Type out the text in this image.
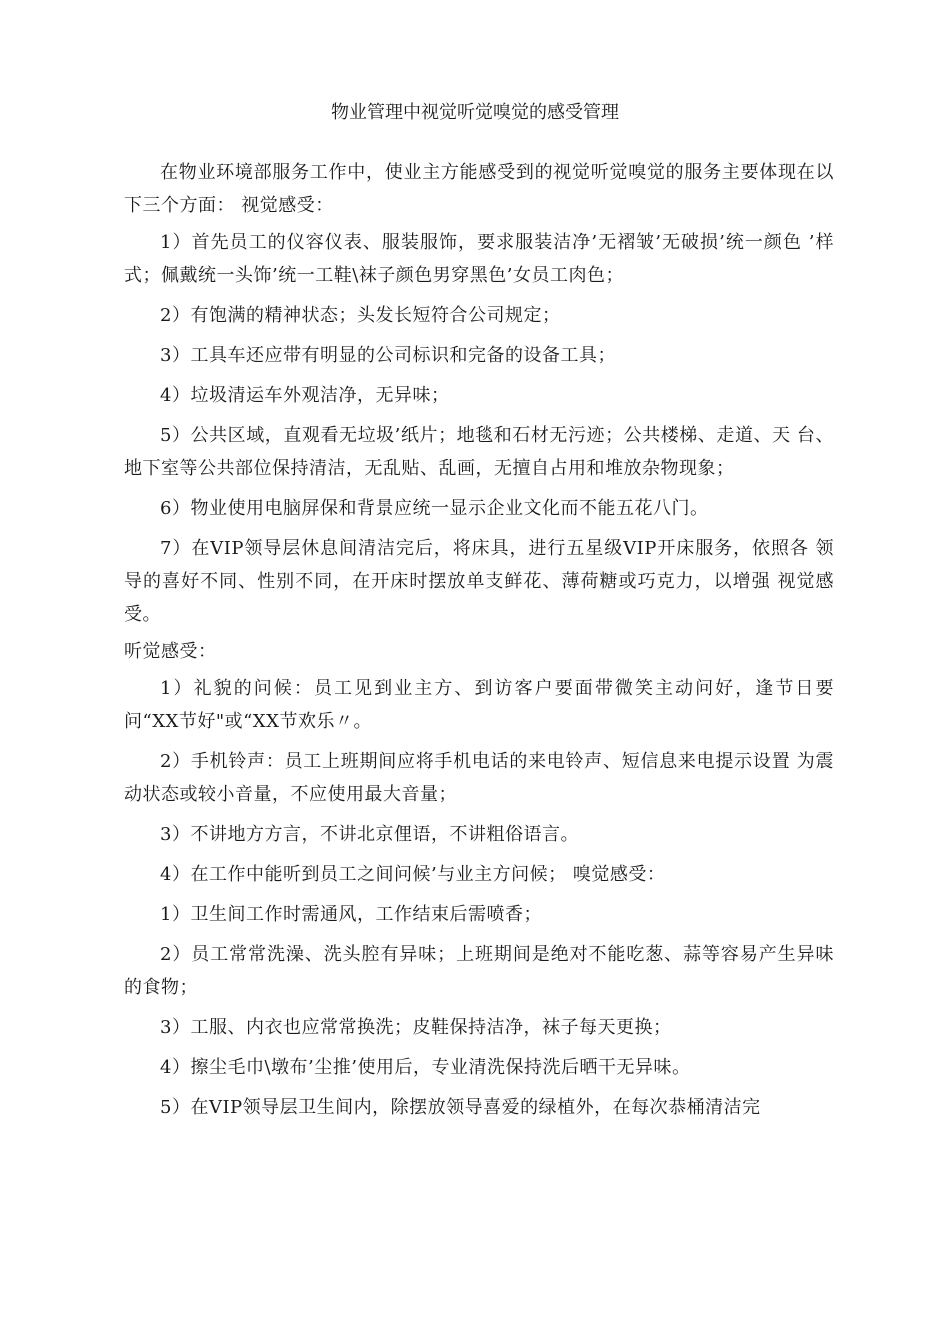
物业管理中视觉听觉嗅觉的感受管理

在物业环境部服务工作中，使业主方能感受到的视觉听觉嗅觉的服务主要体现在以下三个方面： 视觉感受：

1）首先员工的仪容仪表、服装服饰，要求服装洁净’无褶皱’无破损’统一颜色 ’样式；佩戴统一头饰’统一工鞋\袜子颜色男穿黑色’女员工肉色；

2）有饱满的精神状态；头发长短符合公司规定；

3）工具车还应带有明显的公司标识和完备的设备工具；

4）垃圾清运车外观洁净，无异味；

5）公共区域，直观看无垃圾’纸片；地毯和石材无污迹；公共楼梯、走道、天 台、地下室等公共部位保持清洁，无乱贴、乱画，无擅自占用和堆放杂物现象；

6）物业使用电脑屏保和背景应统一显示企业文化而不能五花八门。

7）在VIP领导层休息间清洁完后，将床具，进行五星级VIP开床服务，依照各 领导的喜好不同、性别不同，在开床时摆放单支鲜花、薄荷糖或巧克力，以增强 视觉感受。

听觉感受：

1）礼貌的问候：员工见到业主方、到访客户要面带微笑主动问好，逢节日要 问“XX节好"或“XX节欢乐〃。

2）手机铃声：员工上班期间应将手机电话的来电铃声、短信息来电提示设置 为震动状态或较小音量，不应使用最大音量；

3）不讲地方方言，不讲北京俚语，不讲粗俗语言。

4）在工作中能听到员工之间问候’与业主方问候； 嗅觉感受：

1）卫生间工作时需通风，工作结束后需喷香；

2）员工常常洗澡、洗头腔有异味；上班期间是绝对不能吃葱、蒜等容易产生异味的食物；

3）工服、内衣也应常常换洗；皮鞋保持洁净，袜子每天更换；

4）擦尘毛巾\墩布’尘推’使用后，专业清洗保持洗后晒干无异味。

5）在VIP领导层卫生间内，除摆放领导喜爱的绿植外，在每次恭桶清洁完
